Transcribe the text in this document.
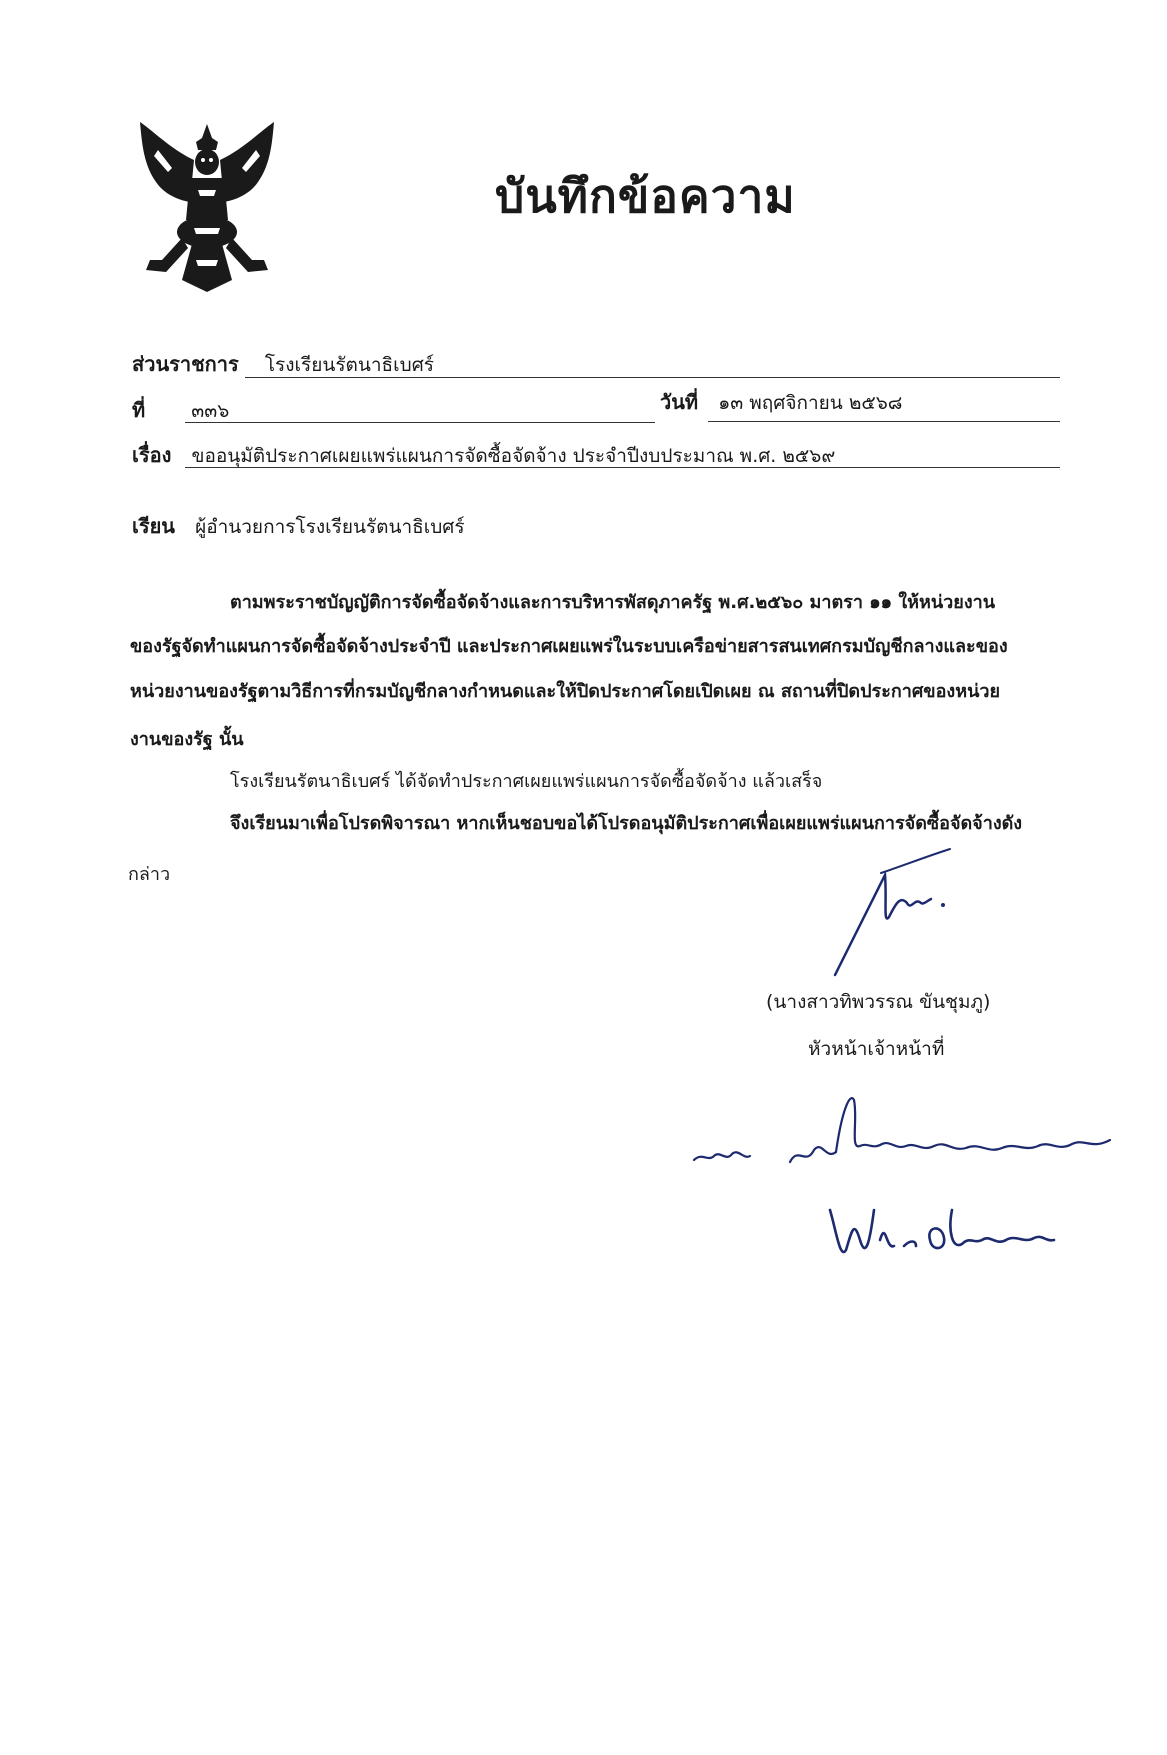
บันทึกข้อความ
ส่วนราชการ โรงเรียนรัตนาธิเบศร์
ที่ ๓๓๖	วันที่ ๑๓ พฤศจิกายน ๒๕๖๘
เรื่อง ขออนุมัติประกาศเผยแพร่แผนการจัดซื้อจัดจ้าง ประจำปีงบประมาณ พ.ศ. ๒๕๖๙
เรียน ผู้อำนวยการโรงเรียนรัตนาธิเบศร์
ตามพระราชบัญญัติการจัดซื้อจัดจ้างและการบริหารพัสดุภาครัฐ พ.ศ.๒๕๖๐ มาตรา ๑๑ ให้หน่วยงาน
ของรัฐจัดทำแผนการจัดซื้อจัดจ้างประจำปี และประกาศเผยแพร่ในระบบเครือข่ายสารสนเทศกรมบัญชีกลางและของ
หน่วยงานของรัฐตามวิธีการที่กรมบัญชีกลางกำหนดและให้ปิดประกาศโดยเปิดเผย ณ สถานที่ปิดประกาศของหน่วย
งานของรัฐ นั้น
โรงเรียนรัตนาธิเบศร์ ได้จัดทำประกาศเผยแพร่แผนการจัดซื้อจัดจ้าง แล้วเสร็จ
จึงเรียนมาเพื่อโปรดพิจารณา หากเห็นชอบขอได้โปรดอนุมัติประกาศเพื่อเผยแพร่แผนการจัดซื้อจัดจ้างดัง
กล่าว
(นางสาวทิพวรรณ ขันชุมภู)
หัวหน้าเจ้าหน้าที่
